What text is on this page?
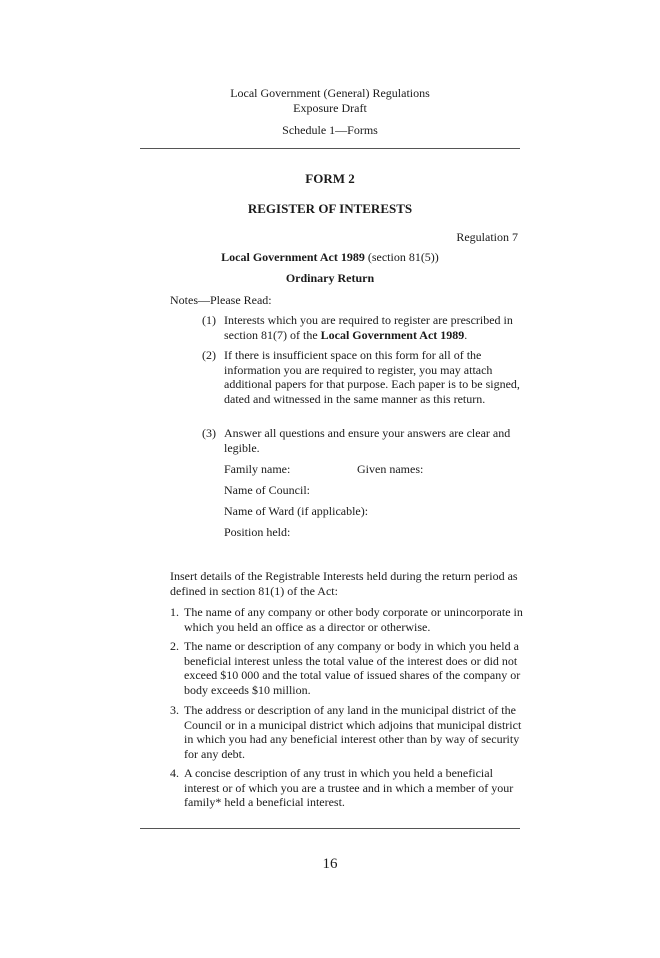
Local Government (General) Regulations
Exposure Draft
Schedule 1—Forms
FORM 2
REGISTER OF INTERESTS
Regulation 7
Local Government Act 1989 (section 81(5))
Ordinary Return
Notes—Please Read:
(1) Interests which you are required to register are prescribed in section 81(7) of the Local Government Act 1989.
(2) If there is insufficient space on this form for all of the information you are required to register, you may attach additional papers for that purpose. Each paper is to be signed, dated and witnessed in the same manner as this return.
(3) Answer all questions and ensure your answers are clear and legible.
Family name:	Given names:
Name of Council:
Name of Ward (if applicable):
Position held:
Insert details of the Registrable Interests held during the return period as defined in section 81(1) of the Act:
1. The name of any company or other body corporate or unincorporate in which you held an office as a director or otherwise.
2. The name or description of any company or body in which you held a beneficial interest unless the total value of the interest does or did not exceed $10 000 and the total value of issued shares of the company or body exceeds $10 million.
3. The address or description of any land in the municipal district of the Council or in a municipal district which adjoins that municipal district in which you had any beneficial interest other than by way of security for any debt.
4. A concise description of any trust in which you held a beneficial interest or of which you are a trustee and in which a member of your family* held a beneficial interest.
16
